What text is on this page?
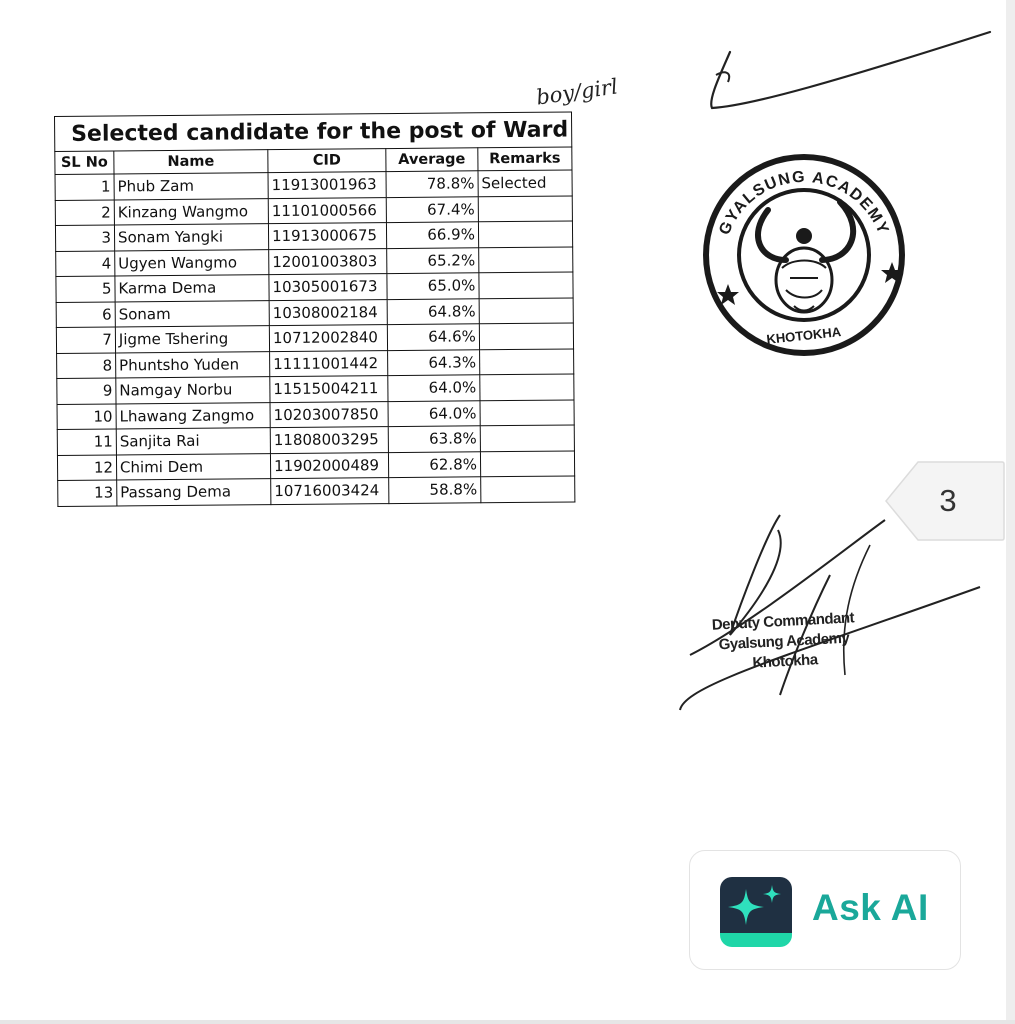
Selected candidate for the post of Ward				
SL No	Name	CID	Average	Remarks
1	Phub Zam	11913001963	78.8%	Selected
2	Kinzang Wangmo	11101000566	67.4%	
3	Sonam Yangki	11913000675	66.9%	
4	Ugyen Wangmo	12001003803	65.2%	
5	Karma Dema	10305001673	65.0%	
6	Sonam	10308002184	64.8%	
7	Jigme Tshering	10712002840	64.6%	
8	Phuntsho Yuden	11111001442	64.3%	
9	Namgay Norbu	11515004211	64.0%	
10	Lhawang Zangmo	10203007850	64.0%	
11	Sanjita Rai	11808003295	63.8%	
12	Chimi Dem	11902000489	62.8%	
13	Passang Dema	10716003424	58.8%	
boy/girl
GYALSUNG ACADEMY
KHOTOKHA
Deputy Commandant
Gyalsung Academy
Khotokha
3
Ask AI
